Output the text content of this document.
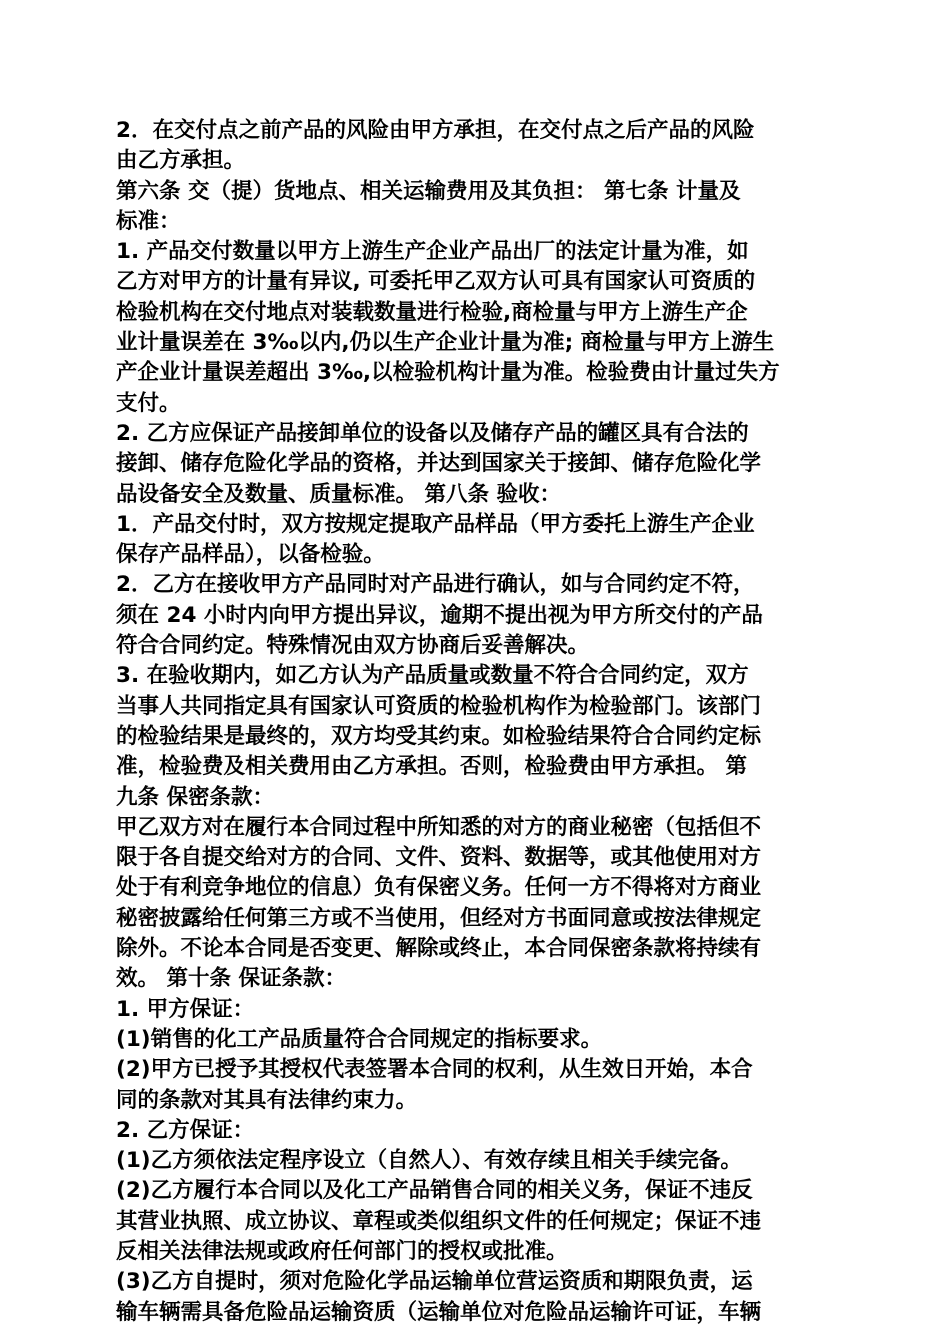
2．在交付点之前产品的风险由甲方承担，在交付点之后产品的风险
由乙方承担。
第六条 交（提）货地点、相关运输费用及其负担： 第七条 计量及
标准：
1. 产品交付数量以甲方上游生产企业产品出厂的法定计量为准，如
乙方对甲方的计量有异议, 可委托甲乙双方认可具有国家认可资质的
检验机构在交付地点对装载数量进行检验,商检量与甲方上游生产企
业计量误差在 3‰以内,仍以生产企业计量为准; 商检量与甲方上游生
产企业计量误差超出 3‰,以检验机构计量为准。检验费由计量过失方
支付。
2. 乙方应保证产品接卸单位的设备以及储存产品的罐区具有合法的
接卸、储存危险化学品的资格，并达到国家关于接卸、储存危险化学
品设备安全及数量、质量标准。 第八条 验收：
1．产品交付时，双方按规定提取产品样品（甲方委托上游生产企业
保存产品样品），以备检验。
2．乙方在接收甲方产品同时对产品进行确认，如与合同约定不符，
须在 24 小时内向甲方提出异议，逾期不提出视为甲方所交付的产品
符合合同约定。特殊情况由双方协商后妥善解决。
3. 在验收期内，如乙方认为产品质量或数量不符合合同约定，双方
当事人共同指定具有国家认可资质的检验机构作为检验部门。该部门
的检验结果是最终的，双方均受其约束。如检验结果符合合同约定标
准，检验费及相关费用由乙方承担。否则，检验费由甲方承担。 第
九条 保密条款：
甲乙双方对在履行本合同过程中所知悉的对方的商业秘密（包括但不
限于各自提交给对方的合同、文件、资料、数据等，或其他使用对方
处于有利竞争地位的信息）负有保密义务。任何一方不得将对方商业
秘密披露给任何第三方或不当使用，但经对方书面同意或按法律规定
除外。不论本合同是否变更、解除或终止，本合同保密条款将持续有
效。 第十条 保证条款：
1. 甲方保证：
(1)销售的化工产品质量符合合同规定的指标要求。
(2)甲方已授予其授权代表签署本合同的权利，从生效日开始，本合
同的条款对其具有法律约束力。
2. 乙方保证：
(1)乙方须依法定程序设立（自然人）、有效存续且相关手续完备。
(2)乙方履行本合同以及化工产品销售合同的相关义务，保证不违反
其营业执照、成立协议、章程或类似组织文件的任何规定；保证不违
反相关法律法规或政府任何部门的授权或批准。
(3)乙方自提时，须对危险化学品运输单位营运资质和期限负责，运
输车辆需具备危险品运输资质（运输单位对危险品运输许可证，车辆
